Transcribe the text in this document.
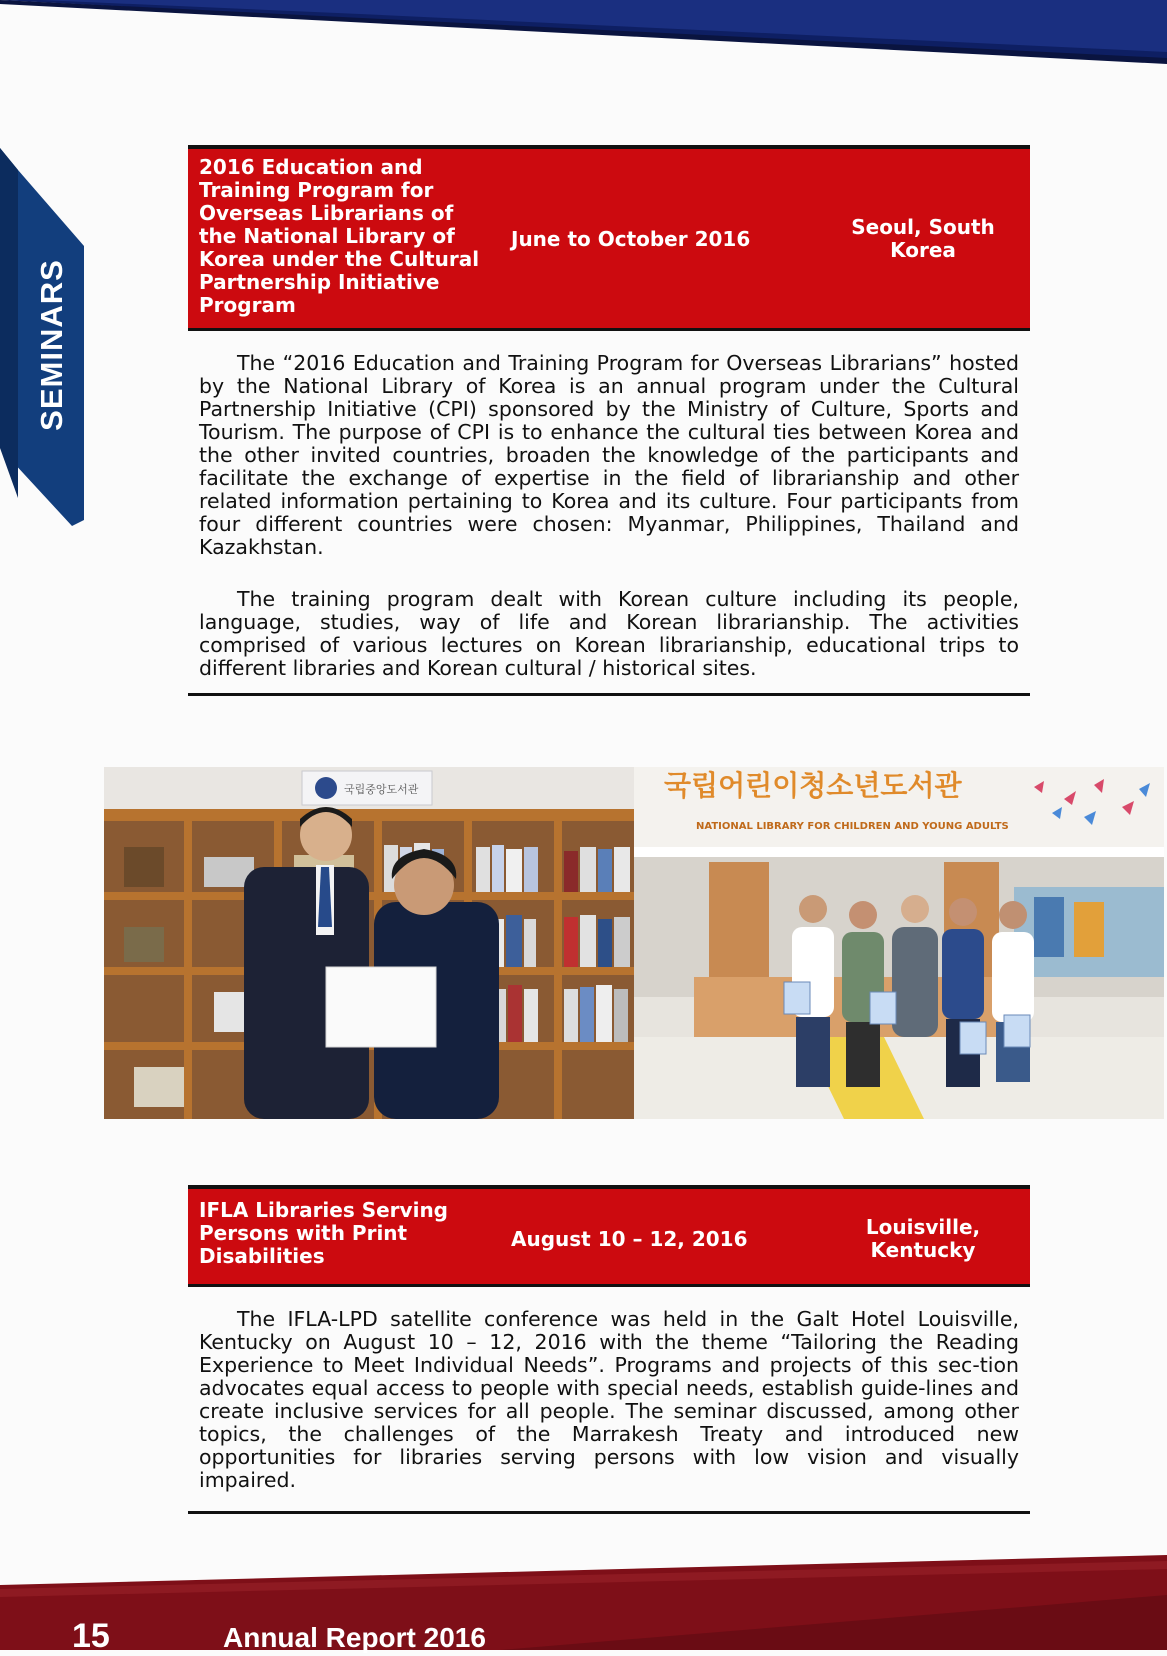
SEMINARS
2016 Education and Training Program for Overseas Librarians of the National Library of Korea under the Cultural Partnership Initiative Program
June to October 2016	Seoul, South Korea

The “2016 Education and Training Program for Overseas Librarians” hosted by the National Library of Korea is an annual program under the Cultural Partnership Initiative (CPI) sponsored by the Ministry of Culture, Sports and Tourism. The purpose of CPI is to enhance the cultural ties between Korea and the other invited countries, broaden the knowledge of the participants and facilitate the exchange of expertise in the field of librarianship and other related information pertaining to Korea and its culture. Four participants from four different countries were chosen: Myanmar, Philippines, Thailand and Kazakhstan.

The training program dealt with Korean culture including its people, language, studies, way of life and Korean librarianship. The activities comprised of various lectures on Korean librarianship, educational trips to different libraries and Korean cultural / historical sites.

국립중앙도서관	국립어린이청소년도서관
NATIONAL LIBRARY FOR CHILDREN AND YOUNG ADULTS
IFLA Libraries Serving Persons with Print Disabilities
August 10 – 12, 2016	Louisville, Kentucky

The IFLA-LPD satellite conference was held in the Galt Hotel Louisville, Kentucky on August 10 – 12, 2016 with the theme “Tailoring the Reading Experience to Meet Individual Needs”. Programs and projects of this sec-tion advocates equal access to people with special needs, establish guide-lines and create inclusive services for all people. The seminar discussed, among other topics, the challenges of the Marrakesh Treaty and introduced new opportunities for libraries serving persons with low vision and visually impaired.

15	Annual Report 2016
